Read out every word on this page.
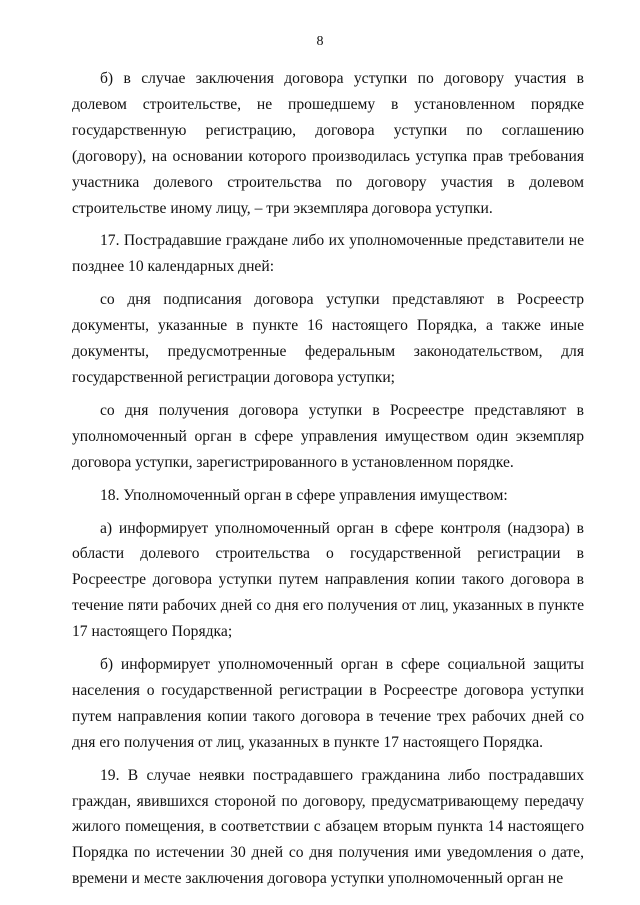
8

б) в случае заключения договора уступки по договору участия в долевом строительстве, не прошедшему в установленном порядке государственную регистрацию, договора уступки по соглашению (договору), на основании которого производилась уступка прав требования участника долевого строительства по договору участия в долевом строительстве иному лицу, – три экземпляра договора уступки.

17. Пострадавшие граждане либо их уполномоченные представители не позднее 10 календарных дней:

со дня подписания договора уступки представляют в Росреестр документы, указанные в пункте 16 настоящего Порядка, а также иные документы, предусмотренные федеральным законодательством, для государственной регистрации договора уступки;

со дня получения договора уступки в Росреестре представляют в уполномоченный орган в сфере управления имуществом один экземпляр договора уступки, зарегистрированного в установленном порядке.

18. Уполномоченный орган в сфере управления имуществом:

а) информирует уполномоченный орган в сфере контроля (надзора) в области долевого строительства о государственной регистрации в Росреестре договора уступки путем направления копии такого договора в течение пяти рабочих дней со дня его получения от лиц, указанных в пункте 17 настоящего Порядка;

б) информирует уполномоченный орган в сфере социальной защиты населения о государственной регистрации в Росреестре договора уступки путем направления копии такого договора в течение трех рабочих дней со дня его получения от лиц, указанных в пункте 17 настоящего Порядка.

19. В случае неявки пострадавшего гражданина либо пострадавших граждан, явившихся стороной по договору, предусматривающему передачу жилого помещения, в соответствии с абзацем вторым пункта 14 настоящего Порядка по истечении 30 дней со дня получения ими уведомления о дате, времени и месте заключения договора уступки уполномоченный орган не
